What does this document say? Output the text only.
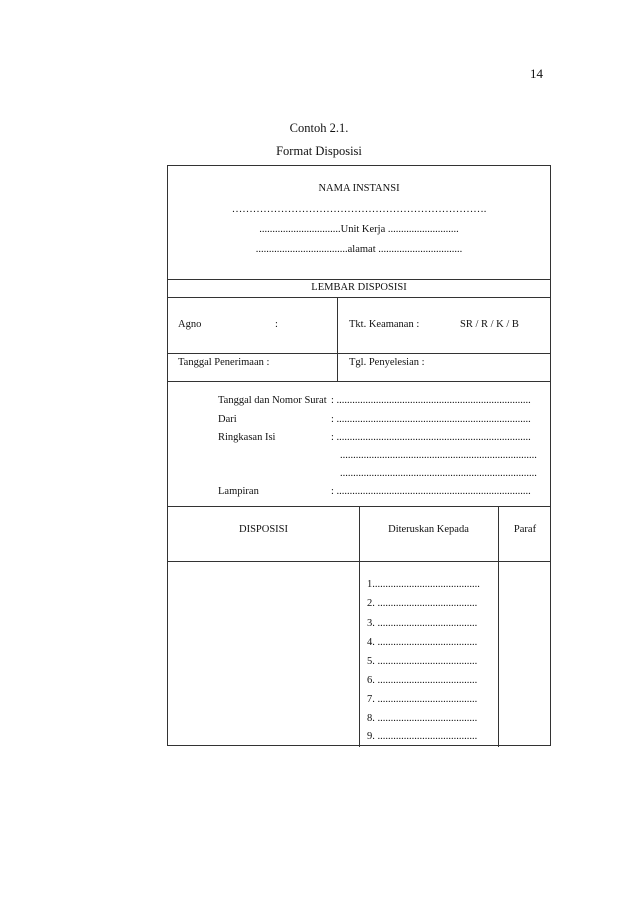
14
Contoh 2.1.
Format Disposisi
NAMA INSTANSI
……………………………………………………………….
...............................Unit Kerja ...........................
...................................alamat ................................
LEMBAR DISPOSISI
Agno	:	Tkt. Keamanan :	SR / R / K / B
Tanggal Penerimaan :	Tgl. Penyelesian :
Tanggal dan Nomor Surat : ..........................................................................
Dari	: ..........................................................................
Ringkasan Isi	: ..........................................................................
...........................................................................
...........................................................................
Lampiran	: ..........................................................................
DISPOSISI	Diteruskan Kepada	Paraf
1.........................................
2. ......................................
3. ......................................
4. ......................................
5. ......................................
6. ......................................
7. ......................................
8. ......................................
9. ......................................
